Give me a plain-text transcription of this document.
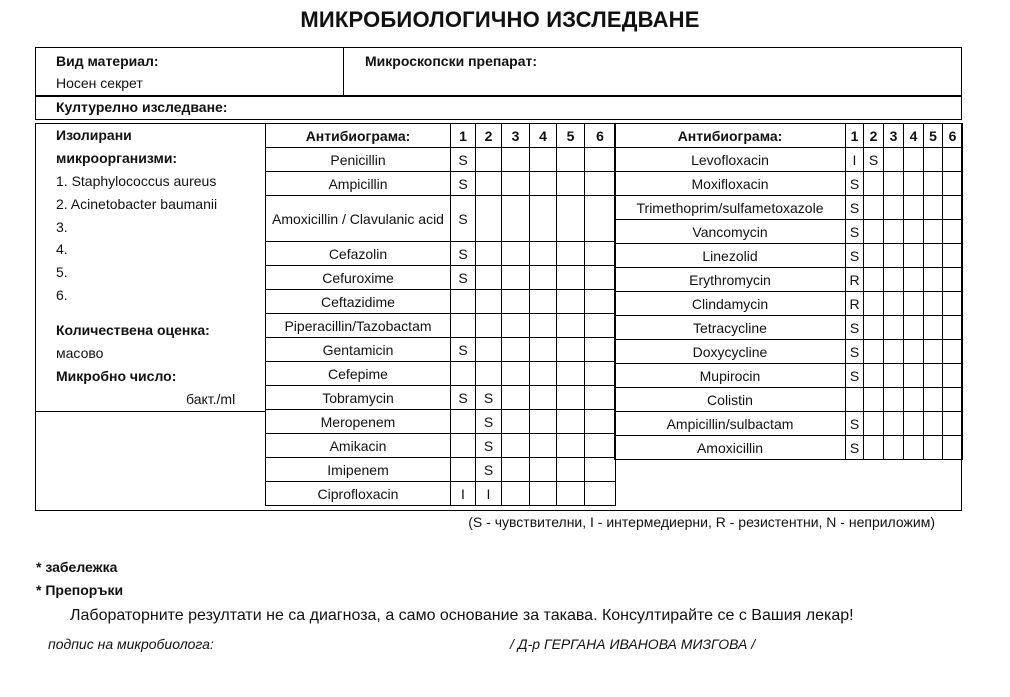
МИКРОБИОЛОГИЧНО ИЗСЛЕДВАНЕ
Вид материал:
Носен секрет
Микроскопски препарат:
Културелно изследване:
Изолирани
микроорганизми:
1. Staphylococcus aureus
2. Acinetobacter baumanii
3.
4.
5.
6.
Количествена оценка:
масово
Микробно число:
бакт./ml
Антибиограма:	1	2	3	4	5	6
Penicillin	S					
Ampicillin	S					
Amoxicillin / Clavulanic acid	S					
Cefazolin	S					
Cefuroxime	S					
Ceftazidime						
Piperacillin/Tazobactam						
Gentamicin	S					
Cefepime						
Tobramycin	S	S				
Meropenem		S				
Amikacin		S				
Imipenem		S				
Ciprofloxacin	I	I				
Антибиограма:	1	2	3	4	5	6
Levofloxacin	I	S				
Moxifloxacin	S					
Trimethoprim/sulfametoxazole	S					
Vancomycin	S					
Linezolid	S					
Erythromycin	R					
Clindamycin	R					
Tetracycline	S					
Doxycycline	S					
Mupirocin	S					
Colistin						
Ampicillin/sulbactam	S					
Amoxicillin	S					
(S - чувствителни, I - интермедиерни, R - резистентни, N - неприложим)
* забележка
* Препоръки
Лабораторните резултати не са диагноза, а само основание за такава. Консултирайте се с Вашия лекар!
подпис на микробиолога:	/ Д-р ГЕРГАНА ИВАНОВА МИЗГОВА /
